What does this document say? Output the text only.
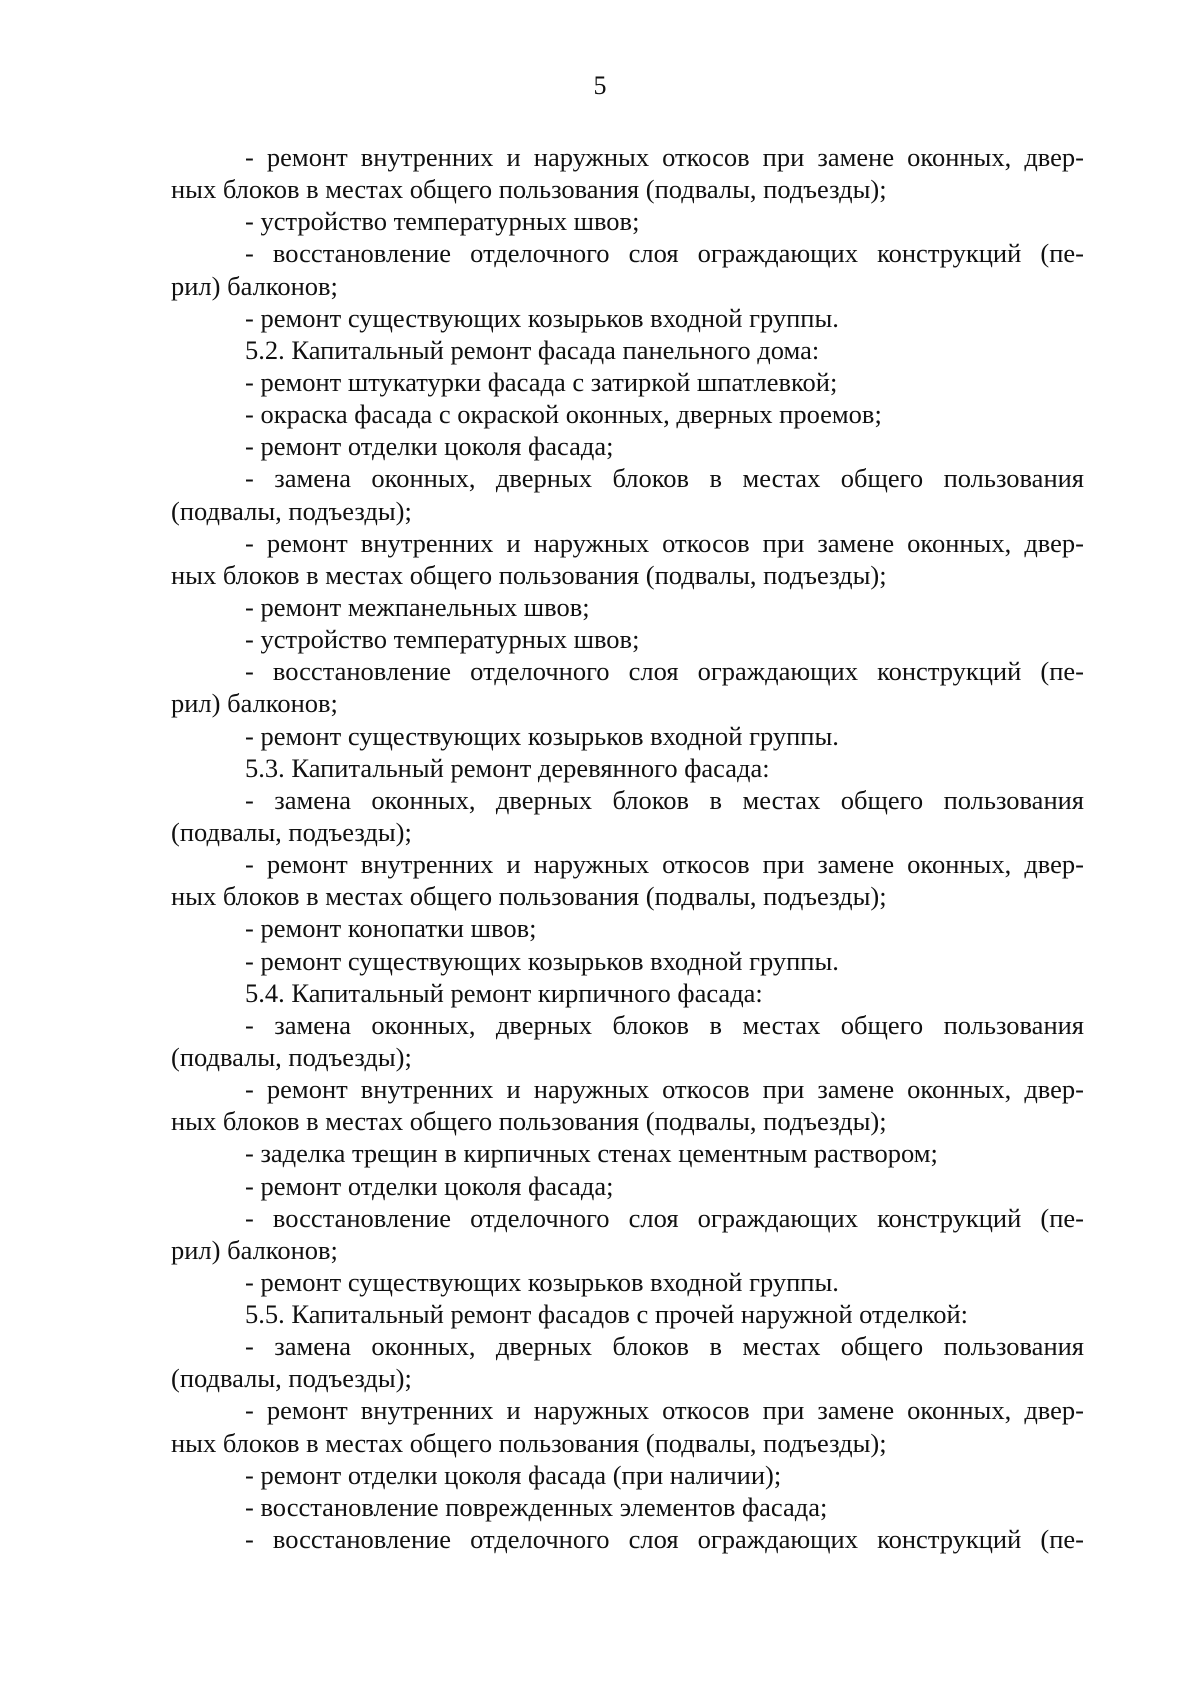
5
- ремонт внутренних и наружных откосов при замене оконных, двер-
ных блоков в местах общего пользования (подвалы, подъезды);
- устройство температурных швов;
- восстановление отделочного слоя ограждающих конструкций (пе-
рил) балконов;
- ремонт существующих козырьков входной группы.
5.2. Капитальный ремонт фасада панельного дома:
- ремонт штукатурки фасада с затиркой шпатлевкой;
- окраска фасада с окраской оконных, дверных проемов;
- ремонт отделки цоколя фасада;
- замена оконных, дверных блоков в местах общего пользования
(подвалы, подъезды);
- ремонт внутренних и наружных откосов при замене оконных, двер-
ных блоков в местах общего пользования (подвалы, подъезды);
- ремонт межпанельных швов;
- устройство температурных швов;
- восстановление отделочного слоя ограждающих конструкций (пе-
рил) балконов;
- ремонт существующих козырьков входной группы.
5.3. Капитальный ремонт деревянного фасада:
- замена оконных, дверных блоков в местах общего пользования
(подвалы, подъезды);
- ремонт внутренних и наружных откосов при замене оконных, двер-
ных блоков в местах общего пользования (подвалы, подъезды);
- ремонт конопатки швов;
- ремонт существующих козырьков входной группы.
5.4. Капитальный ремонт кирпичного фасада:
- замена оконных, дверных блоков в местах общего пользования
(подвалы, подъезды);
- ремонт внутренних и наружных откосов при замене оконных, двер-
ных блоков в местах общего пользования (подвалы, подъезды);
- заделка трещин в кирпичных стенах цементным раствором;
- ремонт отделки цоколя фасада;
- восстановление отделочного слоя ограждающих конструкций (пе-
рил) балконов;
- ремонт существующих козырьков входной группы.
5.5. Капитальный ремонт фасадов с прочей наружной отделкой:
- замена оконных, дверных блоков в местах общего пользования
(подвалы, подъезды);
- ремонт внутренних и наружных откосов при замене оконных, двер-
ных блоков в местах общего пользования (подвалы, подъезды);
- ремонт отделки цоколя фасада (при наличии);
- восстановление поврежденных элементов фасада;
- восстановление отделочного слоя ограждающих конструкций (пе-
